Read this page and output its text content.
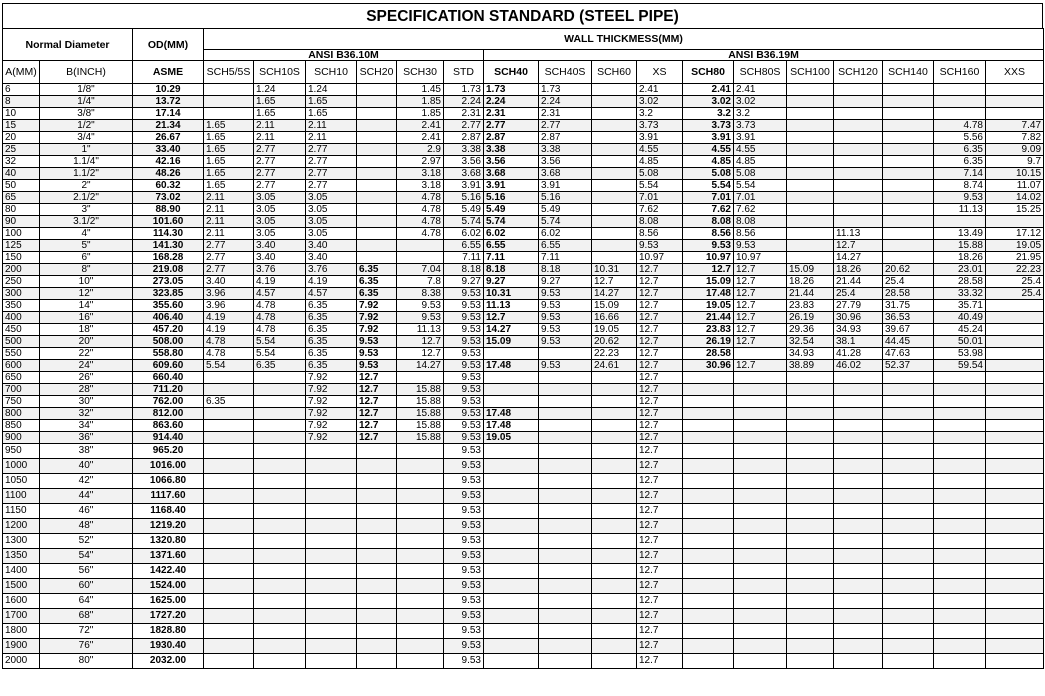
SPECIFICATION STANDARD (STEEL PIPE)
Normal Diameter		OD(MM)	WALL THICKMESS(MM)																
			ANSI B36.10M						ANSI B36.19M										
A(MM)	B(INCH)	ASME	SCH5/5S	SCH10S	SCH10	SCH20	SCH30	STD	SCH40	SCH40S	SCH60	XS	SCH80	SCH80S	SCH100	SCH120	SCH140	SCH160	XXS
6	1/8"	10.29		1.24	1.24		1.45	1.73	1.73	1.73		2.41	2.41	2.41					
8	1/4"	13.72		1.65	1.65		1.85	2.24	2.24	2.24		3.02	3.02	3.02					
10	3/8"	17.14		1.65	1.65		1.85	2.31	2.31	2.31		3.2	3.2	3.2					
15	1/2"	21.34	1.65	2.11	2.11		2.41	2.77	2.77	2.77		3.73	3.73	3.73				4.78	7.47
20	3/4"	26.67	1.65	2.11	2.11		2.41	2.87	2.87	2.87		3.91	3.91	3.91				5.56	7.82
25	1"	33.40	1.65	2.77	2.77		2.9	3.38	3.38	3.38		4.55	4.55	4.55				6.35	9.09
32	1.1/4"	42.16	1.65	2.77	2.77		2.97	3.56	3.56	3.56		4.85	4.85	4.85				6.35	9.7
40	1.1/2"	48.26	1.65	2.77	2.77		3.18	3.68	3.68	3.68		5.08	5.08	5.08				7.14	10.15
50	2"	60.32	1.65	2.77	2.77		3.18	3.91	3.91	3.91		5.54	5.54	5.54				8.74	11.07
65	2.1/2"	73.02	2.11	3.05	3.05		4.78	5.16	5.16	5.16		7.01	7.01	7.01				9.53	14.02
80	3"	88.90	2.11	3.05	3.05		4.78	5.49	5.49	5.49		7.62	7.62	7.62				11.13	15.25
90	3.1/2"	101.60	2.11	3.05	3.05		4.78	5.74	5.74	5.74		8.08	8.08	8.08					
100	4"	114.30	2.11	3.05	3.05		4.78	6.02	6.02	6.02		8.56	8.56	8.56		11.13		13.49	17.12
125	5"	141.30	2.77	3.40	3.40			6.55	6.55	6.55		9.53	9.53	9.53		12.7		15.88	19.05
150	6"	168.28	2.77	3.40	3.40			7.11	7.11	7.11		10.97	10.97	10.97		14.27		18.26	21.95
200	8"	219.08	2.77	3.76	3.76	6.35	7.04	8.18	8.18	8.18	10.31	12.7	12.7	12.7	15.09	18.26	20.62	23.01	22.23
250	10"	273.05	3.40	4.19	4.19	6.35	7.8	9.27	9.27	9.27	12.7	12.7	15.09	12.7	18.26	21.44	25.4	28.58	25.4
300	12"	323.85	3.96	4.57	4.57	6.35	8.38	9.53	10.31	9.53	14.27	12.7	17.48	12.7	21.44	25.4	28.58	33.32	25.4
350	14"	355.60	3.96	4.78	6.35	7.92	9.53	9.53	11.13	9.53	15.09	12.7	19.05	12.7	23.83	27.79	31.75	35.71	
400	16"	406.40	4.19	4.78	6.35	7.92	9.53	9.53	12.7	9.53	16.66	12.7	21.44	12.7	26.19	30.96	36.53	40.49	
450	18"	457.20	4.19	4.78	6.35	7.92	11.13	9.53	14.27	9.53	19.05	12.7	23.83	12.7	29.36	34.93	39.67	45.24	
500	20"	508.00	4.78	5.54	6.35	9.53	12.7	9.53	15.09	9.53	20.62	12.7	26.19	12.7	32.54	38.1	44.45	50.01	
550	22"	558.80	4.78	5.54	6.35	9.53	12.7	9.53			22.23	12.7	28.58		34.93	41.28	47.63	53.98	
600	24"	609.60	5.54	6.35	6.35	9.53	14.27	9.53	17.48	9.53	24.61	12.7	30.96	12.7	38.89	46.02	52.37	59.54	
650	26"	660.40			7.92	12.7		9.53				12.7							
700	28"	711.20			7.92	12.7	15.88	9.53				12.7							
750	30"	762.00	6.35		7.92	12.7	15.88	9.53				12.7							
800	32"	812.00			7.92	12.7	15.88	9.53	17.48			12.7							
850	34"	863.60			7.92	12.7	15.88	9.53	17.48			12.7							
900	36"	914.40			7.92	12.7	15.88	9.53	19.05			12.7							
950	38"	965.20						9.53				12.7							
1000	40"	1016.00						9.53				12.7							
1050	42"	1066.80						9.53				12.7							
1100	44"	1117.60						9.53				12.7							
1150	46"	1168.40						9.53				12.7							
1200	48"	1219.20						9.53				12.7							
1300	52"	1320.80						9.53				12.7							
1350	54"	1371.60						9.53				12.7							
1400	56"	1422.40						9.53				12.7							
1500	60"	1524.00						9.53				12.7							
1600	64"	1625.00						9.53				12.7							
1700	68"	1727.20						9.53				12.7							
1800	72"	1828.80						9.53				12.7							
1900	76"	1930.40						9.53				12.7							
2000	80"	2032.00						9.53				12.7							
